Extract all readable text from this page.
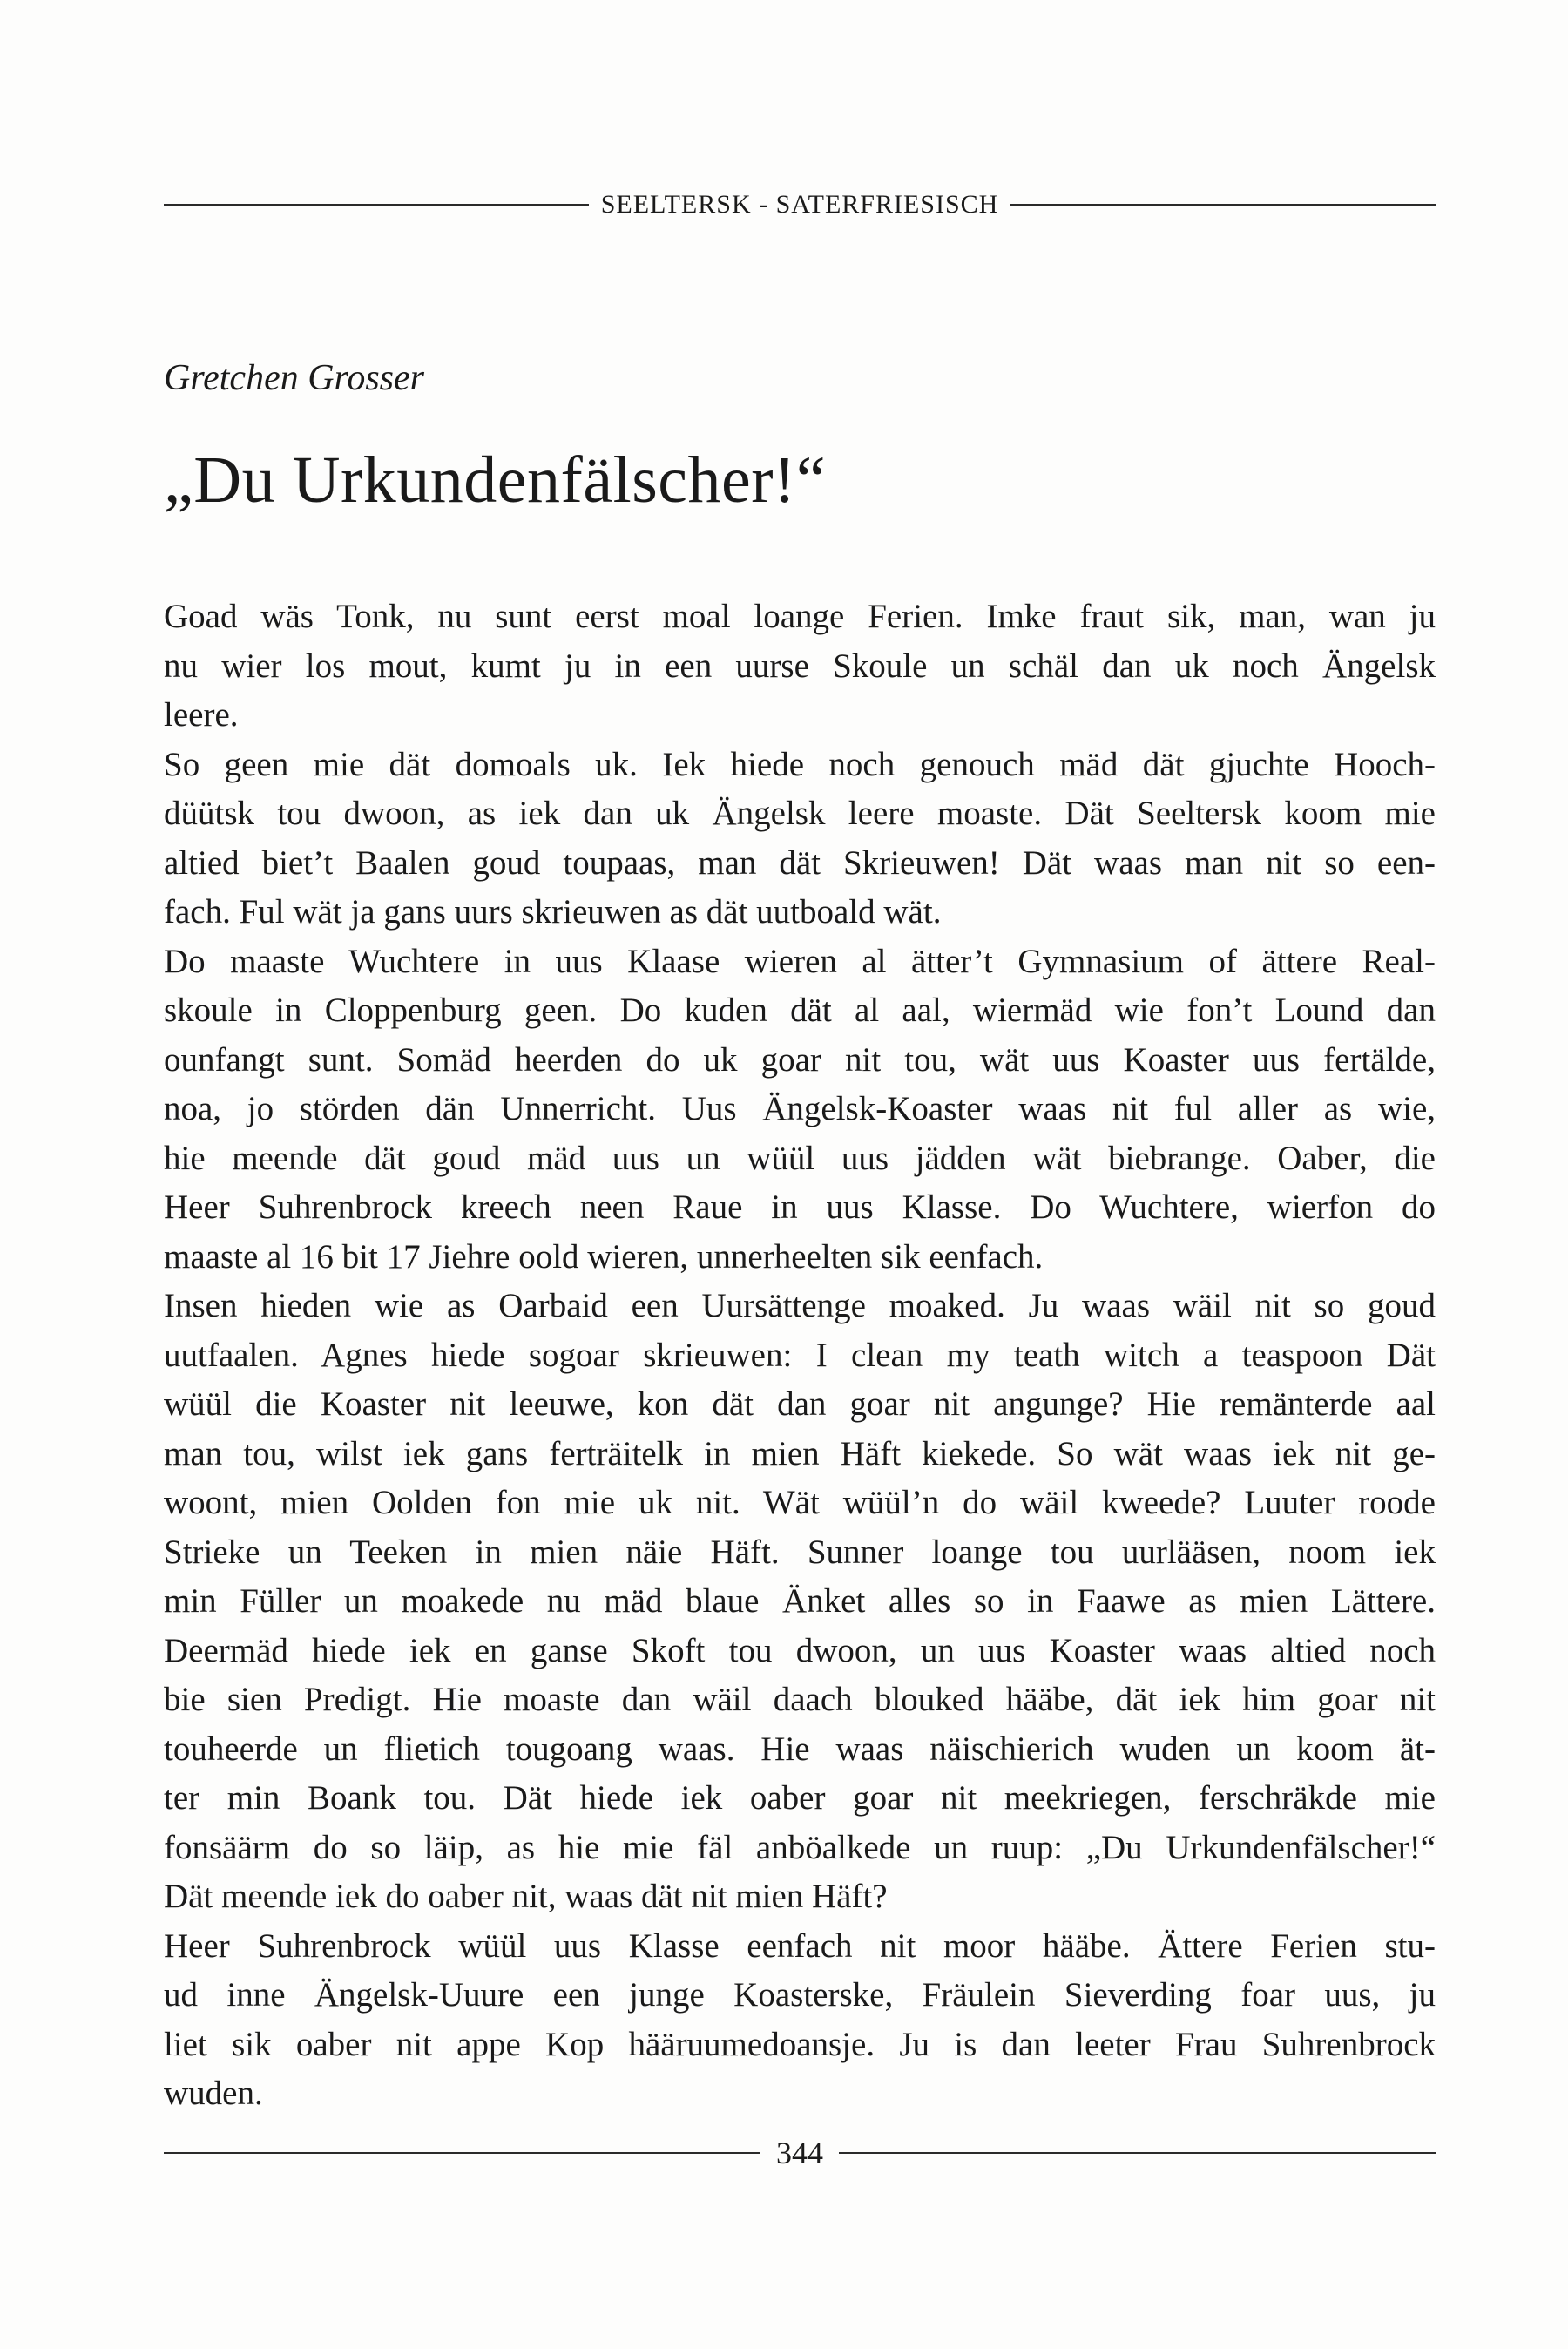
SEELTERSK - SATERFRIESISCH
Gretchen Grosser
„Du Urkundenfälscher!“
Goad wäs Tonk, nu sunt eerst moal loange Ferien. Imke fraut sik, man, wan ju
nu wier los mout, kumt ju in een uurse Skoule un schäl dan uk noch Ängelsk
leere.
So geen mie dät domoals uk. Iek hiede noch genouch mäd dät gjuchte Hooch-
düütsk tou dwoon, as iek dan uk Ängelsk leere moaste. Dät Seeltersk koom mie
altied biet’t Baalen goud toupaas, man dät Skrieuwen! Dät waas man nit so een-
fach. Ful wät ja gans uurs skrieuwen as dät uutboald wät.
Do maaste Wuchtere in uus Klaase wieren al ätter’t Gymnasium of ättere Real-
skoule in Cloppenburg geen. Do kuden dät al aal, wiermäd wie fon’t Lound dan
ounfangt sunt. Somäd heerden do uk goar nit tou, wät uus Koaster uus fertälde,
noa, jo störden dän Unnerricht. Uus Ängelsk-Koaster waas nit ful aller as wie,
hie meende dät goud mäd uus un wüül uus jädden wät biebrange. Oaber, die
Heer Suhrenbrock kreech neen Raue in uus Klasse. Do Wuchtere, wierfon do
maaste al 16 bit 17 Jiehre oold wieren, unnerheelten sik eenfach.
Insen hieden wie as Oarbaid een Uursättenge moaked. Ju waas wäil nit so goud
uutfaalen. Agnes hiede sogoar skrieuwen: I clean my teath witch a teaspoon Dät
wüül die Koaster nit leeuwe, kon dät dan goar nit angunge? Hie remänterde aal
man tou, wilst iek gans ferträitelk in mien Häft kiekede. So wät waas iek nit ge-
woont, mien Oolden fon mie uk nit. Wät wüül’n do wäil kweede? Luuter roode
Strieke un Teeken in mien näie Häft. Sunner loange tou uurlääsen, noom iek
min Füller un moakede nu mäd blaue Änket alles so in Faawe as mien Lättere.
Deermäd hiede iek en ganse Skoft tou dwoon, un uus Koaster waas altied noch
bie sien Predigt. Hie moaste dan wäil daach blouked hääbe, dät iek him goar nit
touheerde un flietich tougoang waas. Hie waas näischierich wuden un koom ät-
ter min Boank tou. Dät hiede iek oaber goar nit meekriegen, ferschräkde mie
fonsäärm do so läip, as hie mie fäl anböalkede un ruup: „Du Urkundenfälscher!“
Dät meende iek do oaber nit, waas dät nit mien Häft?
Heer Suhrenbrock wüül uus Klasse eenfach nit moor hääbe. Ättere Ferien stu-
ud inne Ängelsk-Uuure een junge Koasterske, Fräulein Sieverding foar uus, ju
liet sik oaber nit appe Kop hääruumedoansje. Ju is dan leeter Frau Suhrenbrock
wuden.
344
